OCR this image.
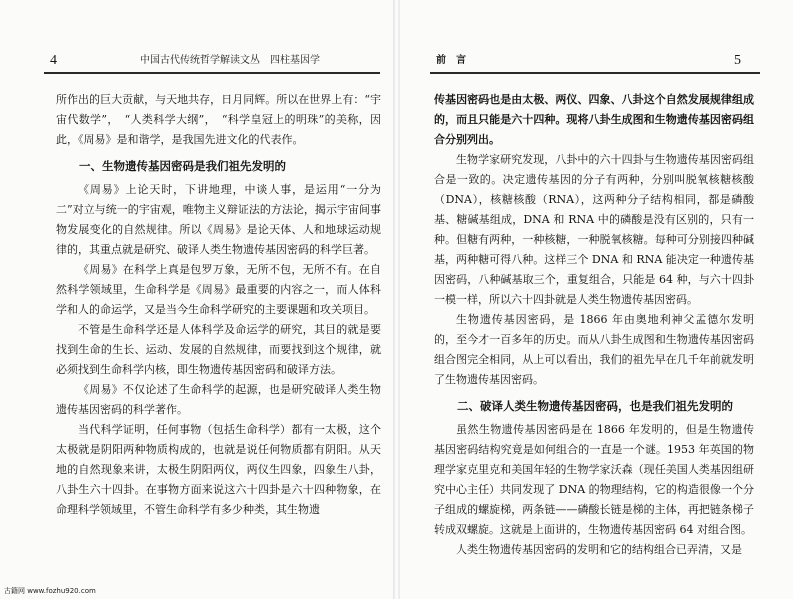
4	中国古代传统哲学解读文丛　四柱基因学

所作出的巨大贡献，与天地共存，日月同辉。所以在世界上有：“宇宙代数学”，　“人类科学大纲”，　“科学皇冠上的明珠”的美称，因此，《周易》是和谐学，是我国先进文化的代表作。

一、生物遗传基因密码是我们祖先发明的

《周易》上论天时，下讲地理，中谈人事，是运用“一分为二”对立与统一的宇宙观，唯物主义辩证法的方法论，揭示宇宙间事物发展变化的自然规律。所以《周易》是论天体、人和地球运动规律的，其重点就是研究、破译人类生物遗传基因密码的科学巨著。

《周易》在科学上真是包罗万象，无所不包，无所不有。在自然科学领域里，生命科学是《周易》最重要的内容之一，而人体科学和人的命运学，又是当今生命科学研究的主要课题和攻关项目。

不管是生命科学还是人体科学及命运学的研究，其目的就是要找到生命的生长、运动、发展的自然规律，而要找到这个规律，就必须找到生命科学内核，即生物遗传基因密码和破译方法。

《周易》不仅论述了生命科学的起源，也是研究破译人类生物遗传基因密码的科学著作。

当代科学证明，任何事物（包括生命科学）都有一太极，这个太极就是阴阳两种物质构成的，也就是说任何物质都有阴阳。从天地的自然现象来讲，太极生阴阳两仪，两仪生四象，四象生八卦，八卦生六十四卦。在事物方面来说这六十四卦是六十四种物象，在命理科学领域里，不管生命科学有多少种类，其生物遗

前　言	5

传基因密码也是由太极、两仪、四象、八卦这个自然发展规律组成的，而且只能是六十四种。现将八卦生成图和生物遗传基因密码组合分别列出。

生物学家研究发现，八卦中的六十四卦与生物遗传基因密码组合是一致的。决定遗传基因的分子有两种，分别叫脱氧核糖核酸（DNA），核糖核酸（RNA），这两种分子结构相同，都是磷酸基、糖碱基组成，DNA 和 RNA 中的磷酸是没有区别的，只有一种。但糖有两种，一种核糖，一种脱氧核糖。每种可分别接四种碱基，两种糖可得八种。这样三个 DNA 和 RNA 能决定一种遗传基因密码，八种碱基取三个，重复组合，只能是 64 种，与六十四卦一模一样，所以六十四卦就是人类生物遗传基因密码。

生物遗传基因密码，是 1866 年由奥地利神父孟德尔发明的，至今才一百多年的历史。而从八卦生成图和生物遗传基因密码组合图完全相同，从上可以看出，我们的祖先早在几千年前就发明了生物遗传基因密码。

二、破译人类生物遗传基因密码，也是我们祖先发明的

虽然生物遗传基因密码是在 1866 年发明的，但是生物遗传基因密码结构究竟是如何组合的一直是一个谜。1953 年英国的物理学家克里克和美国年轻的生物学家沃森（现任美国人类基因组研究中心主任）共同发现了 DNA 的物理结构，它的构造很像一个分子组成的螺旋梯，两条链——磷酸长链是梯的主体，再把链条梯子转成双螺旋。这就是上面讲的，生物遗传基因密码 64 对组合图。

人类生物遗传基因密码的发明和它的结构组合已弄清，又是

古籍网 www.fozhu920.com
